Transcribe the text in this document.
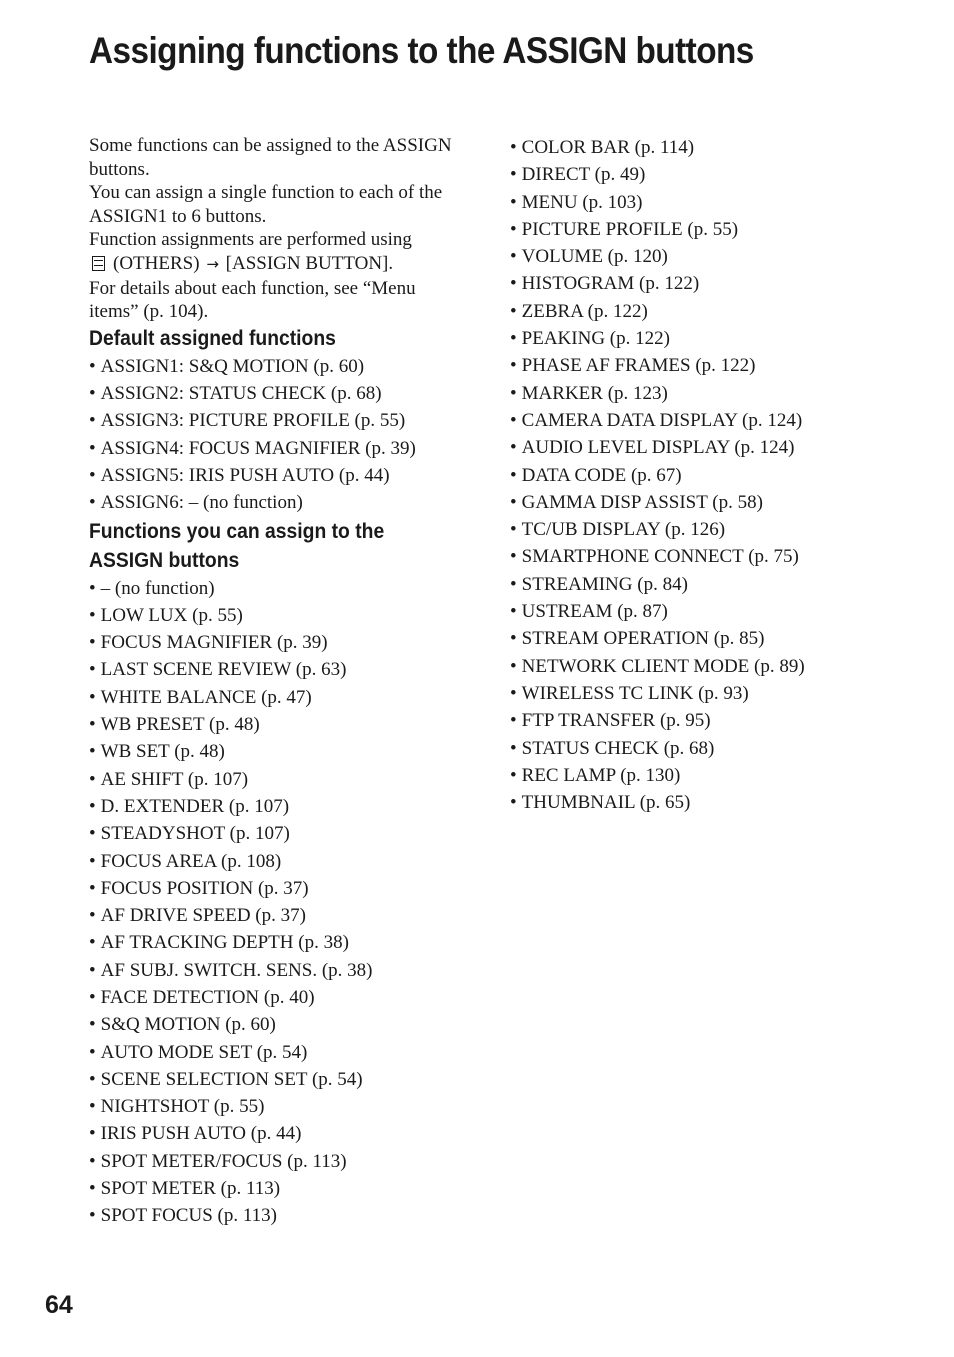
Assigning functions to the ASSIGN buttons

Some functions can be assigned to the ASSIGN buttons.

You can assign a single function to each of the ASSIGN1 to 6 buttons.

Function assignments are performed using
(OTHERS) → [ASSIGN BUTTON].

For details about each function, see “Menu items” (p. 104).

Default assigned functions
• ASSIGN1: S&Q MOTION (p. 60)
• ASSIGN2: STATUS CHECK (p. 68)
• ASSIGN3: PICTURE PROFILE (p. 55)
• ASSIGN4: FOCUS MAGNIFIER (p. 39)
• ASSIGN5: IRIS PUSH AUTO (p. 44)
• ASSIGN6: – (no function)
Functions you can assign to the
ASSIGN buttons
• – (no function)
• LOW LUX (p. 55)
• FOCUS MAGNIFIER (p. 39)
• LAST SCENE REVIEW (p. 63)
• WHITE BALANCE (p. 47)
• WB PRESET (p. 48)
• WB SET (p. 48)
• AE SHIFT (p. 107)
• D. EXTENDER (p. 107)
• STEADYSHOT (p. 107)
• FOCUS AREA (p. 108)
• FOCUS POSITION (p. 37)
• AF DRIVE SPEED (p. 37)
• AF TRACKING DEPTH (p. 38)
• AF SUBJ. SWITCH. SENS. (p. 38)
• FACE DETECTION (p. 40)
• S&Q MOTION (p. 60)
• AUTO MODE SET (p. 54)
• SCENE SELECTION SET (p. 54)
• NIGHTSHOT (p. 55)
• IRIS PUSH AUTO (p. 44)
• SPOT METER/FOCUS (p. 113)
• SPOT METER (p. 113)
• SPOT FOCUS (p. 113)
• COLOR BAR (p. 114)
• DIRECT (p. 49)
• MENU (p. 103)
• PICTURE PROFILE (p. 55)
• VOLUME (p. 120)
• HISTOGRAM (p. 122)
• ZEBRA (p. 122)
• PEAKING (p. 122)
• PHASE AF FRAMES (p. 122)
• MARKER (p. 123)
• CAMERA DATA DISPLAY (p. 124)
• AUDIO LEVEL DISPLAY (p. 124)
• DATA CODE (p. 67)
• GAMMA DISP ASSIST (p. 58)
• TC/UB DISPLAY (p. 126)
• SMARTPHONE CONNECT (p. 75)
• STREAMING (p. 84)
• USTREAM (p. 87)
• STREAM OPERATION (p. 85)
• NETWORK CLIENT MODE (p. 89)
• WIRELESS TC LINK (p. 93)
• FTP TRANSFER (p. 95)
• STATUS CHECK (p. 68)
• REC LAMP (p. 130)
• THUMBNAIL (p. 65)
64
